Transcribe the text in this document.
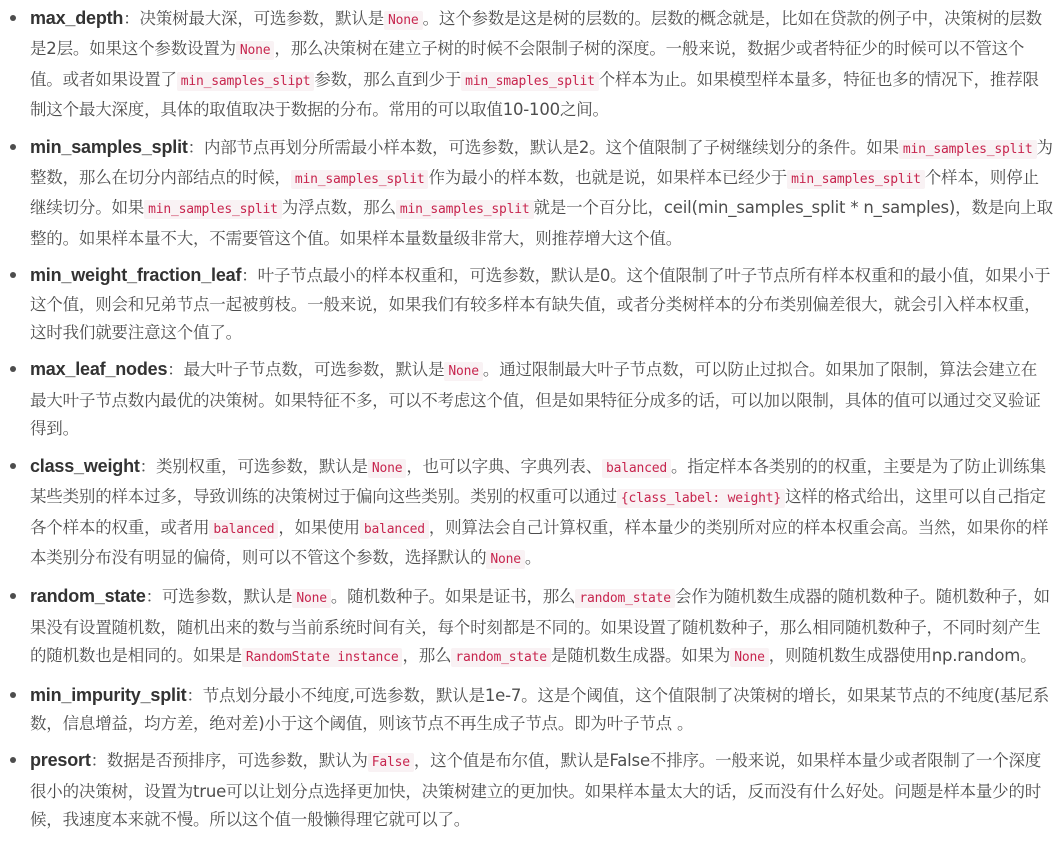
max_depth：决策树最大深，可选参数，默认是 None 。这个参数是这是树的层数的。层数的概念就是，比如在贷款的例子中，决策树的层数是2层。如果这个参数设置为 None ，那么决策树在建立子树的时候不会限制子树的深度。一般来说，数据少或者特征少的时候可以不管这个值。或者如果设置了 min_samples_slipt 参数，那么直到少于 min_smaples_split 个样本为止。如果模型样本量多，特征也多的情况下，推荐限制这个最大深度，具体的取值取决于数据的分布。常用的可以取值10-100之间。
min_samples_split：内部节点再划分所需最小样本数，可选参数，默认是2。这个值限制了子树继续划分的条件。如果 min_samples_split 为整数，那么在切分内部结点的时候， min_samples_split 作为最小的样本数，也就是说，如果样本已经少于 min_samples_split 个样本，则停止继续切分。如果 min_samples_split 为浮点数，那么 min_samples_split 就是一个百分比，ceil(min_samples_split * n_samples)，数是向上取整的。如果样本量不大，不需要管这个值。如果样本量数量级非常大，则推荐增大这个值。
min_weight_fraction_leaf：叶子节点最小的样本权重和，可选参数，默认是0。这个值限制了叶子节点所有样本权重和的最小值，如果小于这个值，则会和兄弟节点一起被剪枝。一般来说，如果我们有较多样本有缺失值，或者分类树样本的分布类别偏差很大，就会引入样本权重，这时我们就要注意这个值了。
max_leaf_nodes：最大叶子节点数，可选参数，默认是 None 。通过限制最大叶子节点数，可以防止过拟合。如果加了限制，算法会建立在最大叶子节点数内最优的决策树。如果特征不多，可以不考虑这个值，但是如果特征分成多的话，可以加以限制，具体的值可以通过交叉验证得到。
class_weight：类别权重，可选参数，默认是 None ，也可以字典、字典列表、 balanced 。指定样本各类别的的权重，主要是为了防止训练集某些类别的样本过多，导致训练的决策树过于偏向这些类别。类别的权重可以通过 {class_label: weight} 这样的格式给出，这里可以自己指定各个样本的权重，或者用 balanced ，如果使用 balanced ，则算法会自己计算权重，样本量少的类别所对应的样本权重会高。当然，如果你的样本类别分布没有明显的偏倚，则可以不管这个参数，选择默认的 None 。
random_state：可选参数，默认是 None 。随机数种子。如果是证书，那么 random_state 会作为随机数生成器的随机数种子。随机数种子，如果没有设置随机数，随机出来的数与当前系统时间有关，每个时刻都是不同的。如果设置了随机数种子，那么相同随机数种子，不同时刻产生的随机数也是相同的。如果是 RandomState instance ，那么 random_state 是随机数生成器。如果为 None ，则随机数生成器使用np.random。
min_impurity_split：节点划分最小不纯度,可选参数，默认是1e-7。这是个阈值，这个值限制了决策树的增长，如果某节点的不纯度(基尼系数，信息增益，均方差，绝对差)小于这个阈值，则该节点不再生成子节点。即为叶子节点 。
presort：数据是否预排序，可选参数，默认为 False ，这个值是布尔值，默认是False不排序。一般来说，如果样本量少或者限制了一个深度很小的决策树，设置为true可以让划分点选择更加快，决策树建立的更加快。如果样本量太大的话，反而没有什么好处。问题是样本量少的时候，我速度本来就不慢。所以这个值一般懒得理它就可以了。
